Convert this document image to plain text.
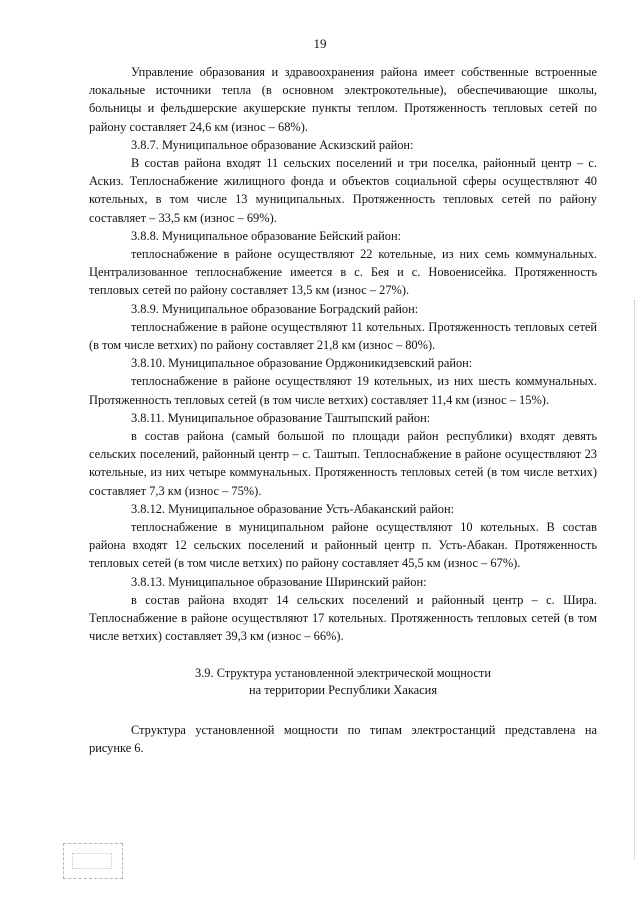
19

Управление образования и здравоохранения района имеет собственные встроенные локальные источники тепла (в основном электрокотельные), обеспечивающие школы, больницы и фельдшерские акушерские пункты теплом. Протяженность тепловых сетей по району составляет 24,6 км (износ – 68%).

3.8.7. Муниципальное образование Аскизский район:

В состав района входят 11 сельских поселений и три поселка, районный центр – с. Аскиз. Теплоснабжение жилищного фонда и объектов социальной сферы осуществляют 40 котельных, в том числе 13 муниципальных. Протяженность тепловых сетей по району составляет – 33,5 км (износ – 69%).

3.8.8. Муниципальное образование Бейский район:

теплоснабжение в районе осуществляют 22 котельные, из них семь коммунальных. Централизованное теплоснабжение имеется в с. Бея и с. Новоенисейка. Протяженность тепловых сетей по району составляет 13,5 км (износ – 27%).

3.8.9. Муниципальное образование Боградский район:

теплоснабжение в районе осуществляют 11 котельных. Протяженность тепловых сетей (в том числе ветхих) по району составляет 21,8 км (износ – 80%).

3.8.10. Муниципальное образование Орджоникидзевский район:

теплоснабжение в районе осуществляют 19 котельных, из них шесть коммунальных. Протяженность тепловых сетей (в том числе ветхих) составляет 11,4 км (износ – 15%).

3.8.11. Муниципальное образование Таштыпский район:

в состав района (самый большой по площади район республики) входят девять сельских поселений, районный центр – с. Таштып. Теплоснабжение в районе осуществляют 23 котельные, из них четыре коммунальных. Протяженность тепловых сетей (в том числе ветхих) составляет 7,3 км (износ – 75%).

3.8.12. Муниципальное образование Усть-Абаканский район:

теплоснабжение в муниципальном районе осуществляют 10 котельных. В состав района входят 12 сельских поселений и районный центр п. Усть-Абакан. Протяженность тепловых сетей (в том числе ветхих) по району составляет 45,5 км (износ – 67%).

3.8.13. Муниципальное образование Ширинский район:

в состав района входят 14 сельских поселений и районный центр – с. Шира. Теплоснабжение в районе осуществляют 17 котельных. Протяженность тепловых сетей (в том числе ветхих) составляет 39,3 км (износ – 66%).

3.9. Структура установленной электрической мощности
на территории Республики Хакасия

Структура установленной мощности по типам электростанций представлена на рисунке 6.
